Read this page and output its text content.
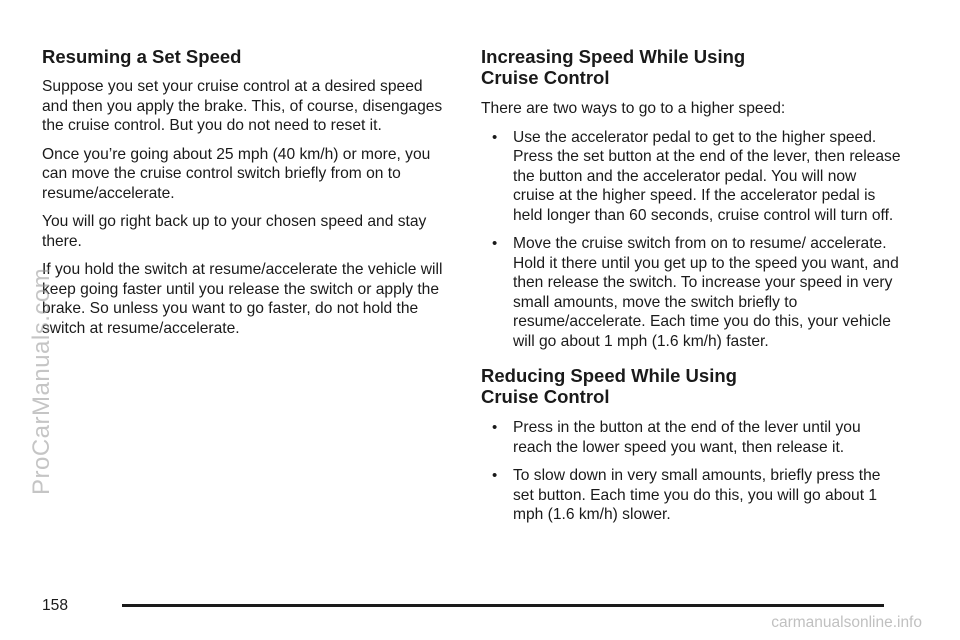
Resuming a Set Speed

Suppose you set your cruise control at a desired speed and then you apply the brake. This, of course, disengages the cruise control. But you do not need to reset it.

Once you’re going about 25 mph (40 km/h) or more, you can move the cruise control switch briefly from on to resume/accelerate.

You will go right back up to your chosen speed and stay there.

If you hold the switch at resume/accelerate the vehicle will keep going faster until you release the switch or apply the brake. So unless you want to go faster, do not hold the switch at resume/accelerate.

Increasing Speed While Using Cruise Control

There are two ways to go to a higher speed:

• Use the accelerator pedal to get to the higher speed. Press the set button at the end of the lever, then release the button and the accelerator pedal. You will now cruise at the higher speed. If the accelerator pedal is held longer than 60 seconds, cruise control will turn off.
• Move the cruise switch from on to resume/ accelerate. Hold it there until you get up to the speed you want, and then release the switch. To increase your speed in very small amounts, move the switch briefly to resume/accelerate. Each time you do this, your vehicle will go about 1 mph (1.6 km/h) faster.
Reducing Speed While Using Cruise Control
• Press in the button at the end of the lever until you reach the lower speed you want, then release it.
• To slow down in very small amounts, briefly press the set button. Each time you do this, you will go about 1 mph (1.6 km/h) slower.
158
ProCarManuals.com
carmanualsonline.info
